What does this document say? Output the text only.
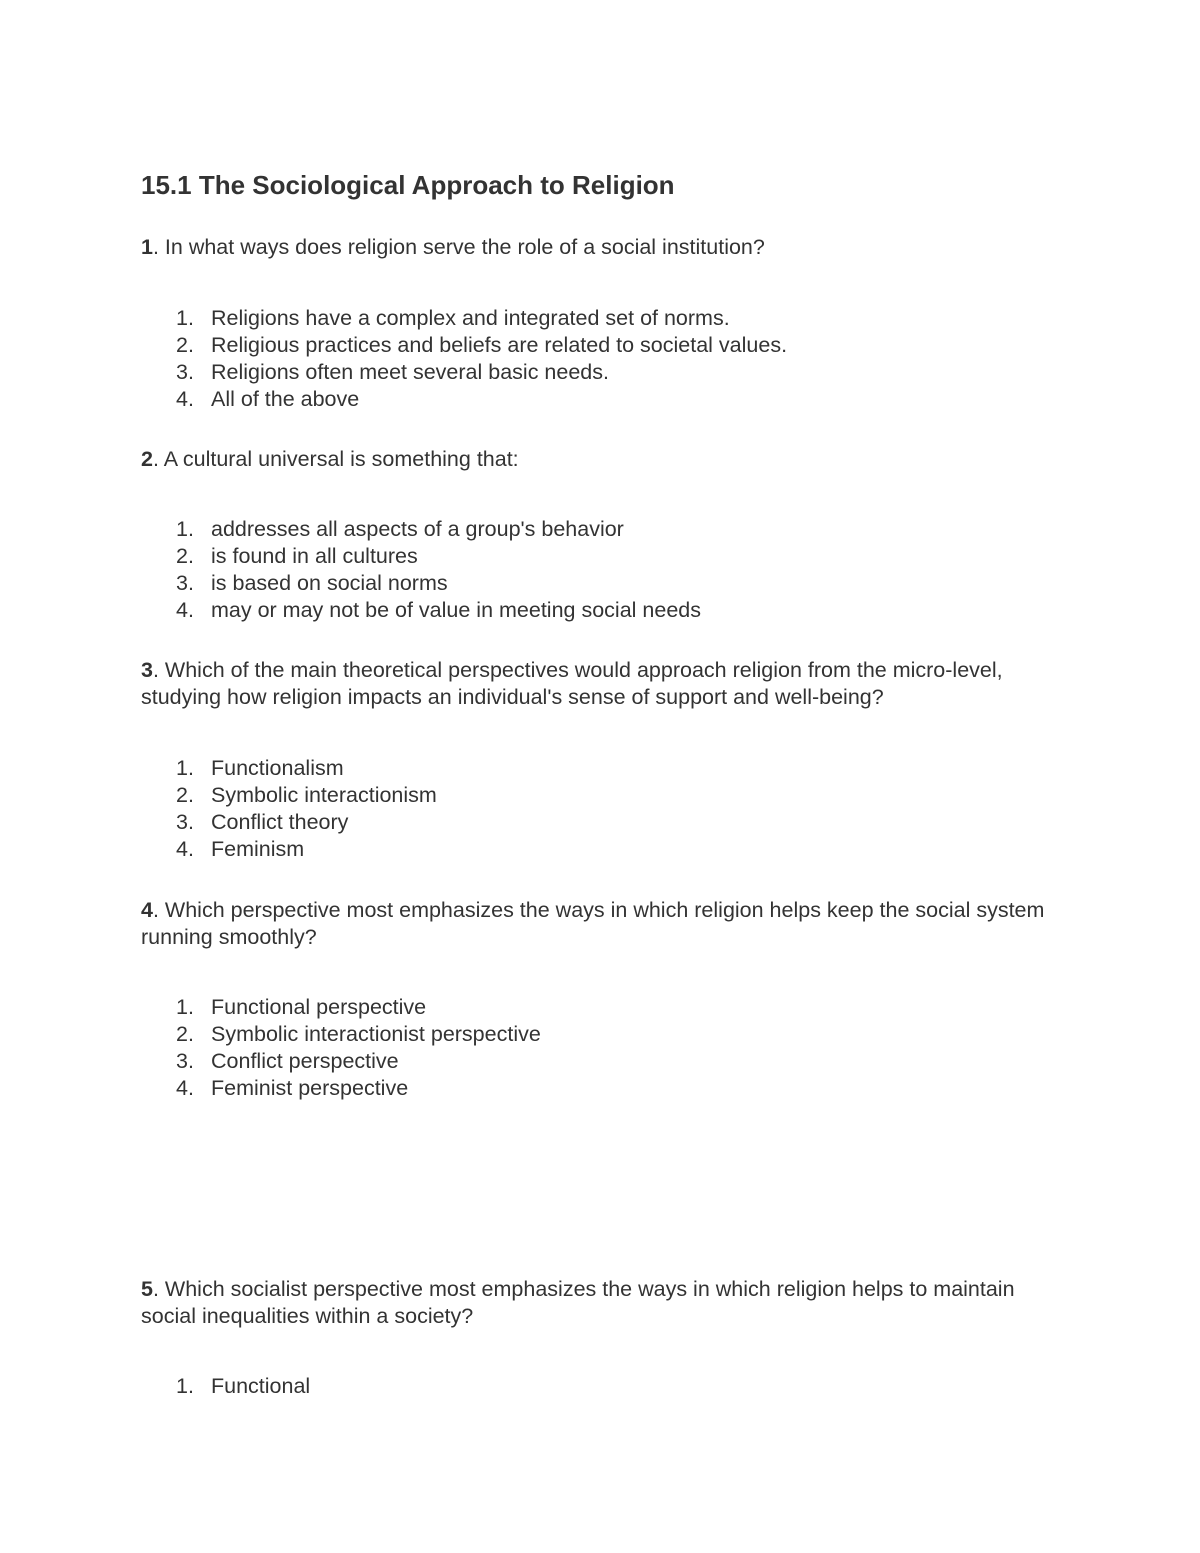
15.1 The Sociological Approach to Religion

1. In what ways does religion serve the role of a social institution?

1. Religions have a complex and integrated set of norms.
2. Religious practices and beliefs are related to societal values.
3. Religions often meet several basic needs.
4. All of the above

2. A cultural universal is something that:

1. addresses all aspects of a group's behavior
2. is found in all cultures
3. is based on social norms
4. may or may not be of value in meeting social needs

3. Which of the main theoretical perspectives would approach religion from the micro-level, studying how religion impacts an individual's sense of support and well-being?

1. Functionalism
2. Symbolic interactionism
3. Conflict theory
4. Feminism

4. Which perspective most emphasizes the ways in which religion helps keep the social system running smoothly?

1. Functional perspective
2. Symbolic interactionist perspective
3. Conflict perspective
4. Feminist perspective

5. Which socialist perspective most emphasizes the ways in which religion helps to maintain social inequalities within a society?

1. Functional
